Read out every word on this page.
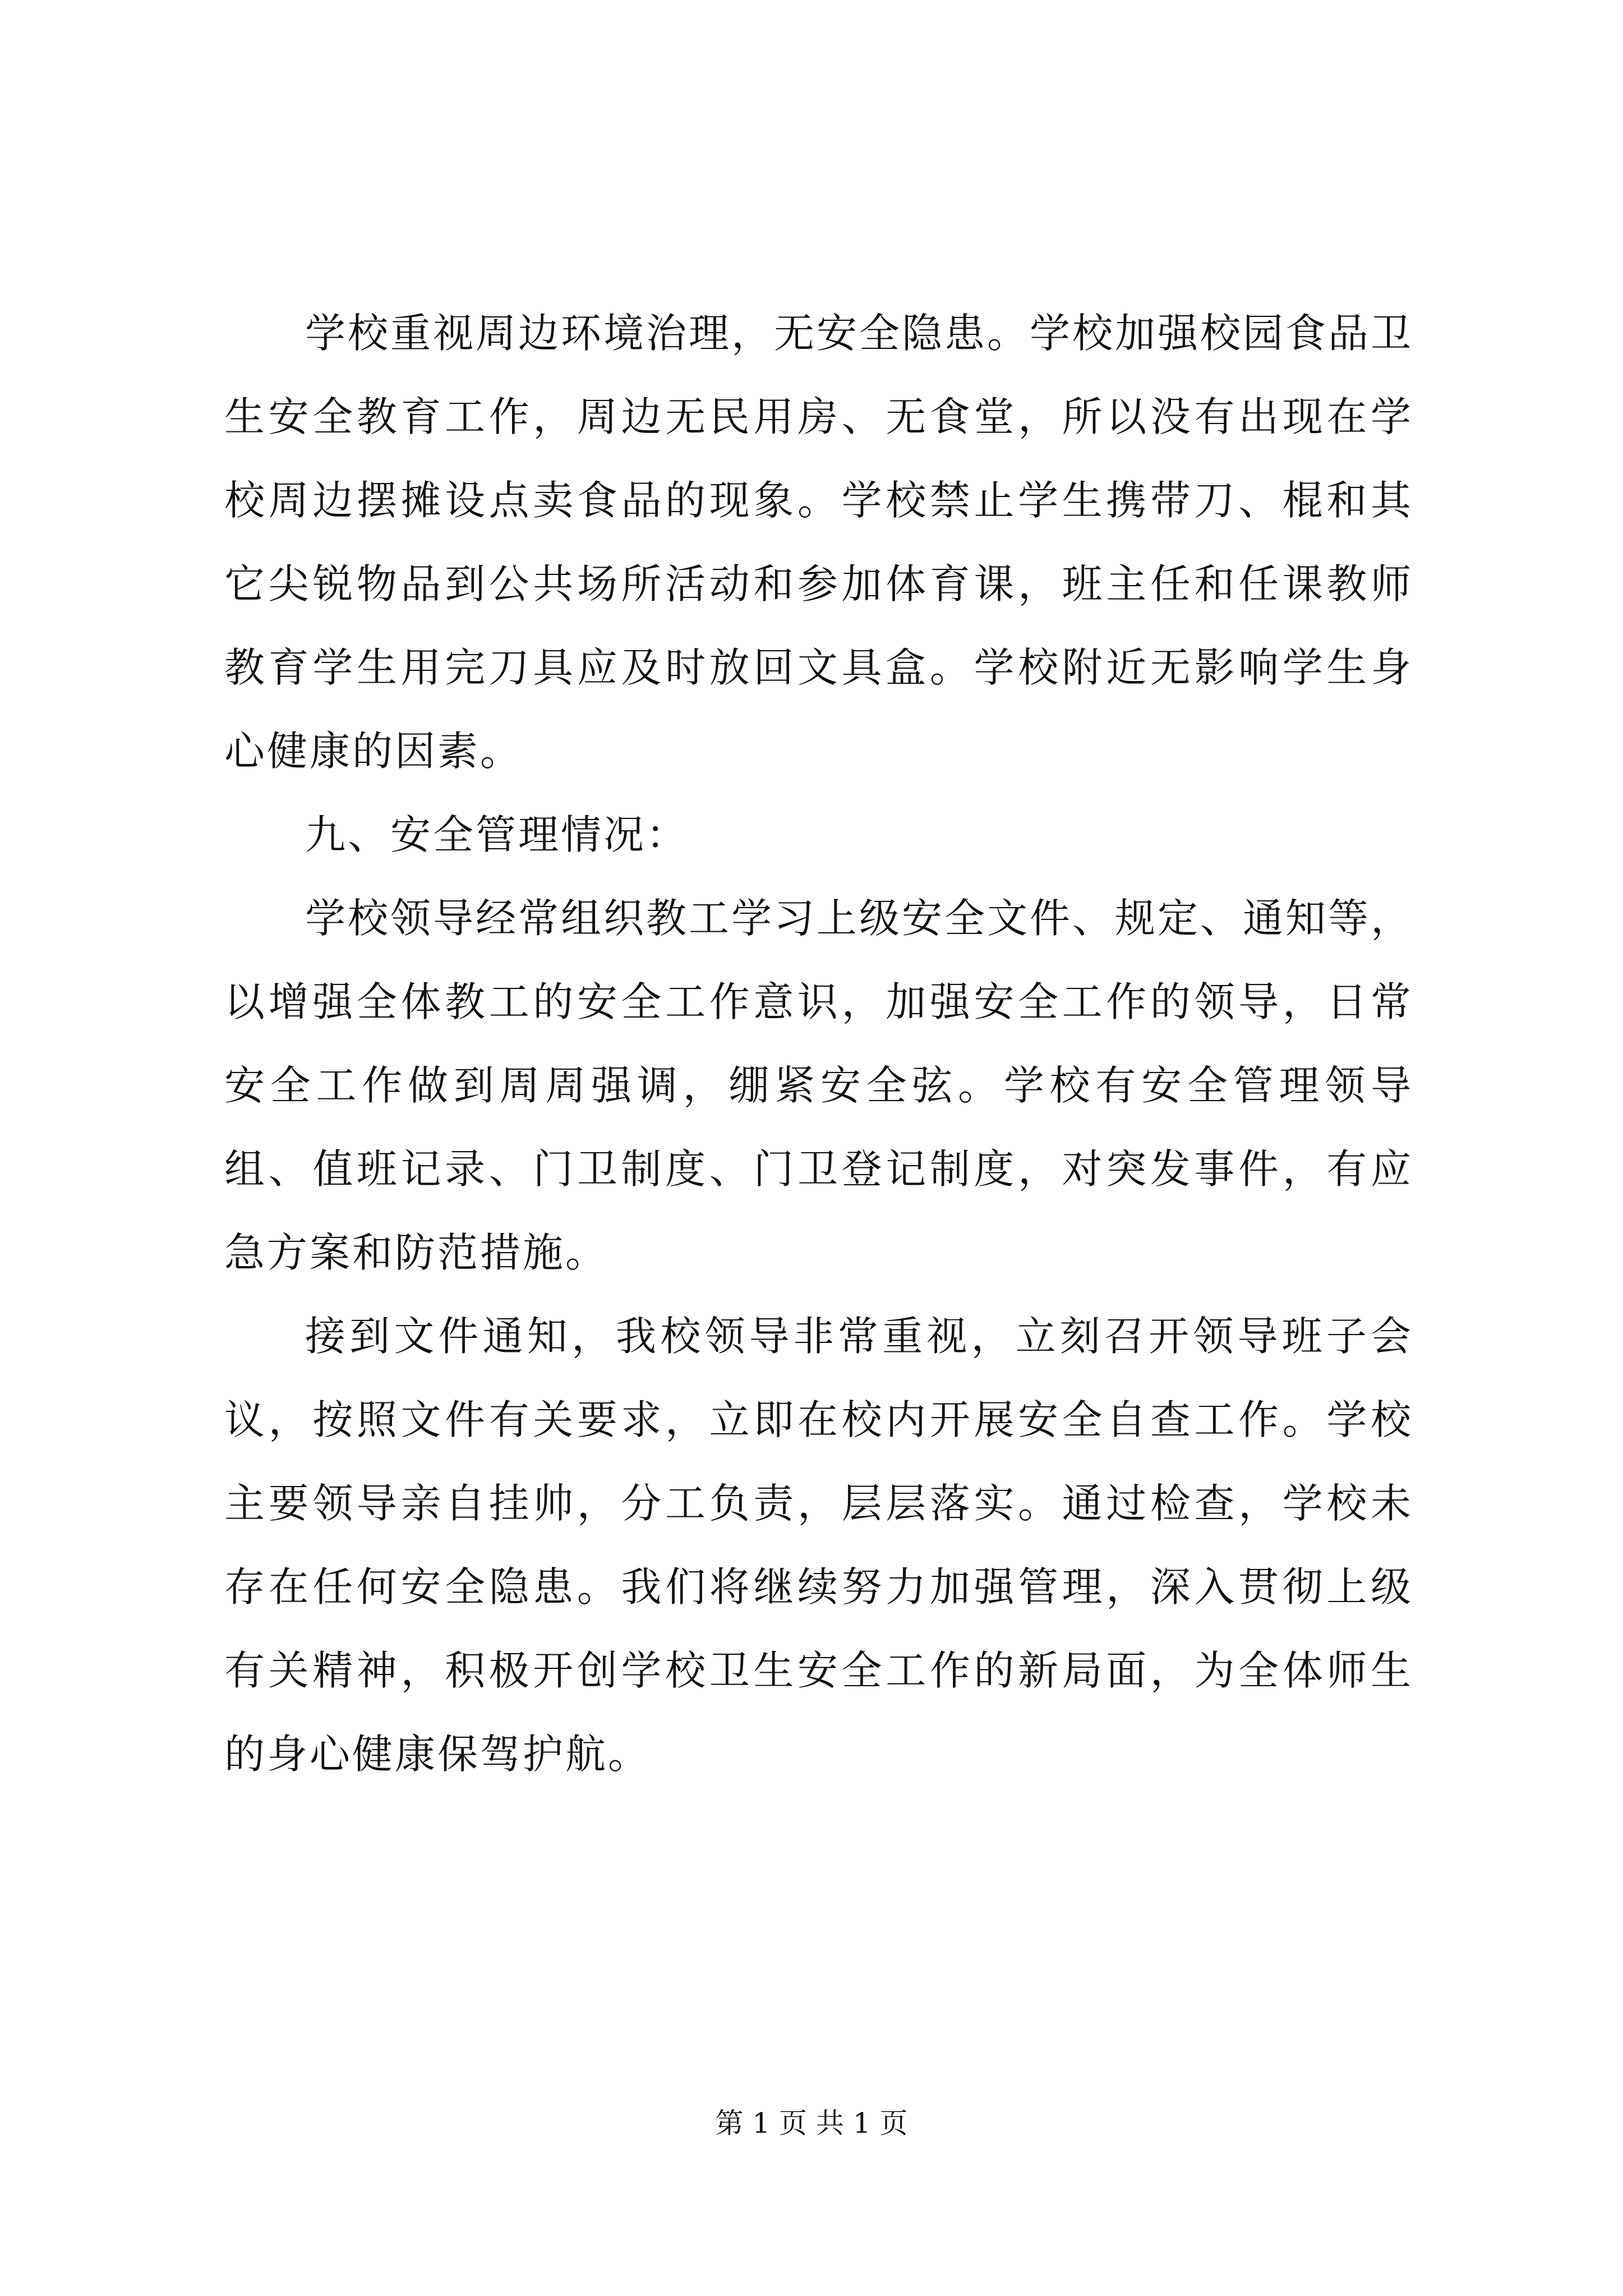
学校重视周边环境治理，无安全隐患。学校加强校园食品卫生安全教育工作，周边无民用房、无食堂，所以没有出现在学校周边摆摊设点卖食品的现象。学校禁止学生携带刀、棍和其它尖锐物品到公共场所活动和参加体育课，班主任和任课教师教育学生用完刀具应及时放回文具盒。学校附近无影响学生身心健康的因素。

九、安全管理情况：

学校领导经常组织教工学习上级安全文件、规定、通知等，以增强全体教工的安全工作意识，加强安全工作的领导，日常安全工作做到周周强调，绷紧安全弦。学校有安全管理领导组、值班记录、门卫制度、门卫登记制度，对突发事件，有应急方案和防范措施。

接到文件通知，我校领导非常重视，立刻召开领导班子会议，按照文件有关要求，立即在校内开展安全自查工作。学校主要领导亲自挂帅，分工负责，层层落实。通过检查，学校未存在任何安全隐患。我们将继续努力加强管理，深入贯彻上级有关精神，积极开创学校卫生安全工作的新局面，为全体师生的身心健康保驾护航。

第 1 页 共 1 页
